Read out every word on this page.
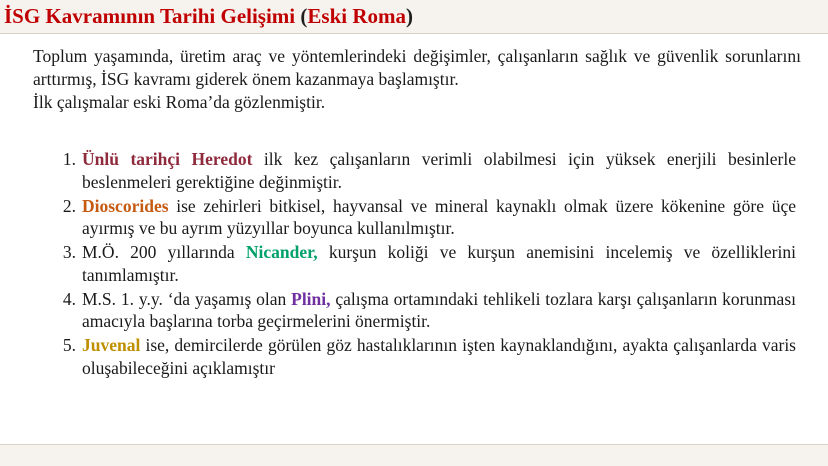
İSG Kavramının Tarihi Gelişimi (Eski Roma)
Toplum yaşamında, üretim araç ve yöntemlerindeki değişimler, çalışanların sağlık ve güvenlik sorunlarını arttırmış, İSG kavramı giderek önem kazanmaya başlamıştır.
İlk çalışmalar eski Roma’da gözlenmiştir.
1. Ünlü tarihçi Heredot ilk kez çalışanların verimli olabilmesi için yüksek enerjili besinlerle beslenmeleri gerektiğine değinmiştir.
2. Dioscorides ise zehirleri bitkisel, hayvansal ve mineral kaynaklı olmak üzere kökenine göre üçe ayırmış ve bu ayrım yüzyıllar boyunca kullanılmıştır.
3. M.Ö. 200 yıllarında Nicander, kurşun koliği ve kurşun anemisini incelemiş ve özelliklerini tanımlamıştır.
4. M.S. 1. y.y. ‘da yaşamış olan Plini, çalışma ortamındaki tehlikeli tozlara karşı çalışanların korunması amacıyla başlarına torba geçirmelerini önermiştir.
5. Juvenal ise, demircilerde görülen göz hastalıklarının işten kaynaklandığını, ayakta çalışanlarda varis oluşabileceğini açıklamıştır
